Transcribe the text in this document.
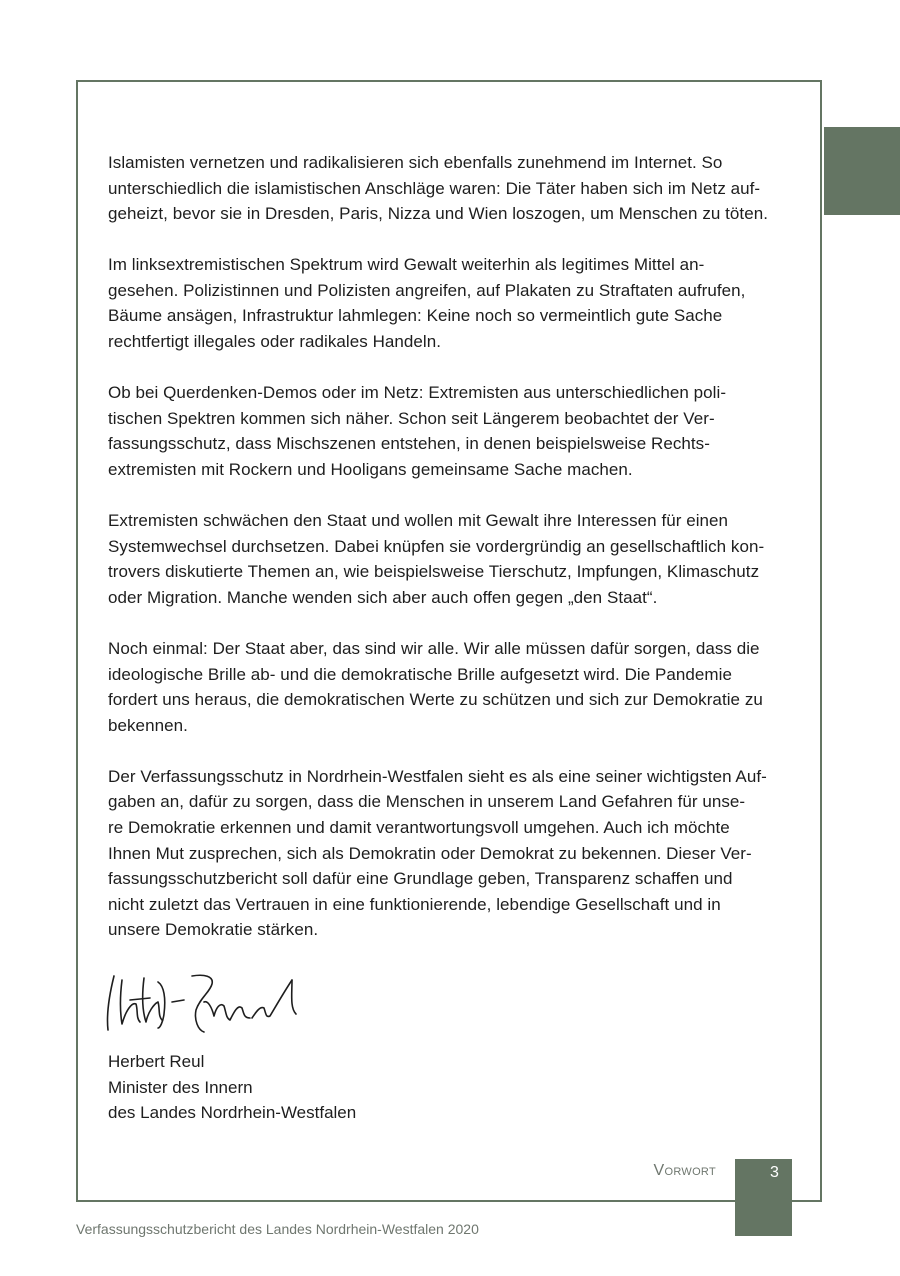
Islamisten vernetzen und radikalisieren sich ebenfalls zunehmend im Internet. So
unterschiedlich die islamistischen Anschläge waren: Die Täter haben sich im Netz auf-
geheizt, bevor sie in Dresden, Paris, Nizza und Wien loszogen, um Menschen zu töten.

Im linksextremistischen Spektrum wird Gewalt weiterhin als legitimes Mittel an-
gesehen. Polizistinnen und Polizisten angreifen, auf Plakaten zu Straftaten aufrufen,
Bäume ansägen, Infrastruktur lahmlegen: Keine noch so vermeintlich gute Sache
rechtfertigt illegales oder radikales Handeln.

Ob bei Querdenken-Demos oder im Netz: Extremisten aus unterschiedlichen poli-
tischen Spektren kommen sich näher. Schon seit Längerem beobachtet der Ver-
fassungsschutz, dass Mischszenen entstehen, in denen beispielsweise Rechts-
extremisten mit Rockern und Hooligans gemeinsame Sache machen.

Extremisten schwächen den Staat und wollen mit Gewalt ihre Interessen für einen
Systemwechsel durchsetzen. Dabei knüpfen sie vordergründig an gesellschaftlich kon-
trovers diskutierte Themen an, wie beispielsweise Tierschutz, Impfungen, Klimaschutz
oder Migration. Manche wenden sich aber auch offen gegen „den Staat“.

Noch einmal: Der Staat aber, das sind wir alle. Wir alle müssen dafür sorgen, dass die
ideologische Brille ab- und die demokratische Brille aufgesetzt wird. Die Pandemie
fordert uns heraus, die demokratischen Werte zu schützen und sich zur Demokratie zu
bekennen.

Der Verfassungsschutz in Nordrhein-Westfalen sieht es als eine seiner wichtigsten Auf-
gaben an, dafür zu sorgen, dass die Menschen in unserem Land Gefahren für unse-
re Demokratie erkennen und damit verantwortungsvoll umgehen. Auch ich möchte
Ihnen Mut zusprechen, sich als Demokratin oder Demokrat zu bekennen. Dieser Ver-
fassungsschutzbericht soll dafür eine Grundlage geben, Transparenz schaffen und
nicht zuletzt das Vertrauen in eine funktionierende, lebendige Gesellschaft und in
unsere Demokratie stärken.

Herbert Reul
Minister des Innern
des Landes Nordrhein-Westfalen
Vorwort	3
Verfassungsschutzbericht des Landes Nordrhein-Westfalen 2020
